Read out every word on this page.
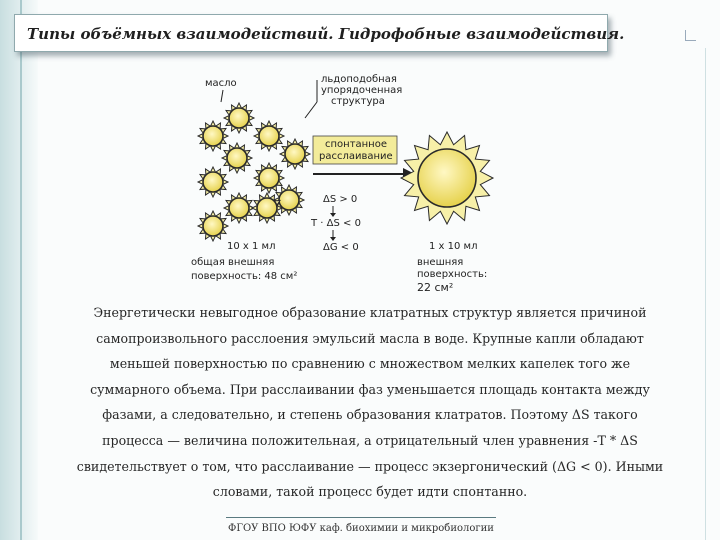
Типы объёмных взаимодействий. Гидрофобные взаимодействия.
масло	льдоподобная
упорядоченная
структура
спонтанное
расслаивание
ΔS > 0
T · ΔS < 0
ΔG < 0
10 x 1 мл
общая внешняя
поверхность: 48 см²
1 x 10 мл
внешняя
поверхность:
22 см²
Энергетически невыгодное образование клатратных структур является причиной
самопроизвольного расслоения эмульсий масла в воде. Крупные капли обладают
меньшей поверхностью по сравнению с множеством мелких капелек того же
суммарного объема. При расслаивании фаз уменьшается площадь контакта между
фазами, а следовательно, и степень образования клатратов. Поэтому ΔS такого
процесса — величина положительная, а отрицательный член уравнения -T * ΔS
свидетельствует о том, что расслаивание — процесс экзергонический (ΔG < 0). Иными
словами, такой процесс будет идти спонтанно.
ФГОУ ВПО ЮФУ каф. биохимии и микробиологии
